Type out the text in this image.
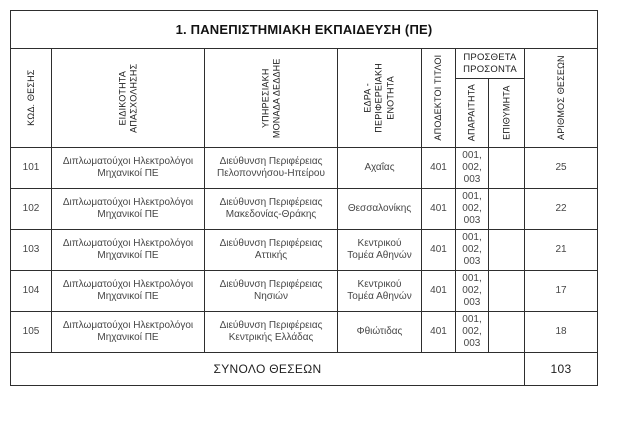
1. ΠΑΝΕΠΙΣΤΗΜΙΑΚΗ ΕΚΠΑΙΔΕΥΣΗ (ΠΕ)							

ΚΩΔ. ΘΕΣΗΣ	ΕΙΔΙΚΟΤΗΤΑ ΑΠΑΣΧΟΛΗΣΗΣ	ΥΠΗΡΕΣΙΑΚΗ ΜΟΝΑΔΑ ΔΕΔΔΗΕ	ΕΔΡΑ - ΠΕΡΙΦΕΡΕΙΑΚΗ ΕΝΟΤΗΤΑ	ΑΠΟΔΕΚΤΟΙ ΤΙΤΛΟΙ	ΠΡΟΣΘΕΤΑ ΠΡΟΣΟΝΤΑ		ΑΡΙΘΜΟΣ ΘΕΣΕΩΝ

					ΑΠΑΡΑΙΤΗΤΑ	ΕΠΙΘΥΜΗΤΑ	

101	Διπλωματούχοι Ηλεκτρολόγοι Μηχανικοί ΠΕ	Διεύθυνση Περιφέρειας Πελοποννήσου-Ηπείρου	Αχαΐας	401	001, 002, 003		25
102	Διπλωματούχοι Ηλεκτρολόγοι Μηχανικοί ΠΕ	Διεύθυνση Περιφέρειας Μακεδονίας-Θράκης	Θεσσαλονίκης	401	001, 002, 003		22
103	Διπλωματούχοι Ηλεκτρολόγοι Μηχανικοί ΠΕ	Διεύθυνση Περιφέρειας Αττικής	Κεντρικού Τομέα Αθηνών	401	001, 002, 003		21
104	Διπλωματούχοι Ηλεκτρολόγοι Μηχανικοί ΠΕ	Διεύθυνση Περιφέρειας Νησιών	Κεντρικού Τομέα Αθηνών	401	001, 002, 003		17
105	Διπλωματούχοι Ηλεκτρολόγοι Μηχανικοί ΠΕ	Διεύθυνση Περιφέρειας Κεντρικής Ελλάδας	Φθιώτιδας	401	001, 002, 003		18
ΣΥΝΟΛΟ ΘΕΣΕΩΝ							103
